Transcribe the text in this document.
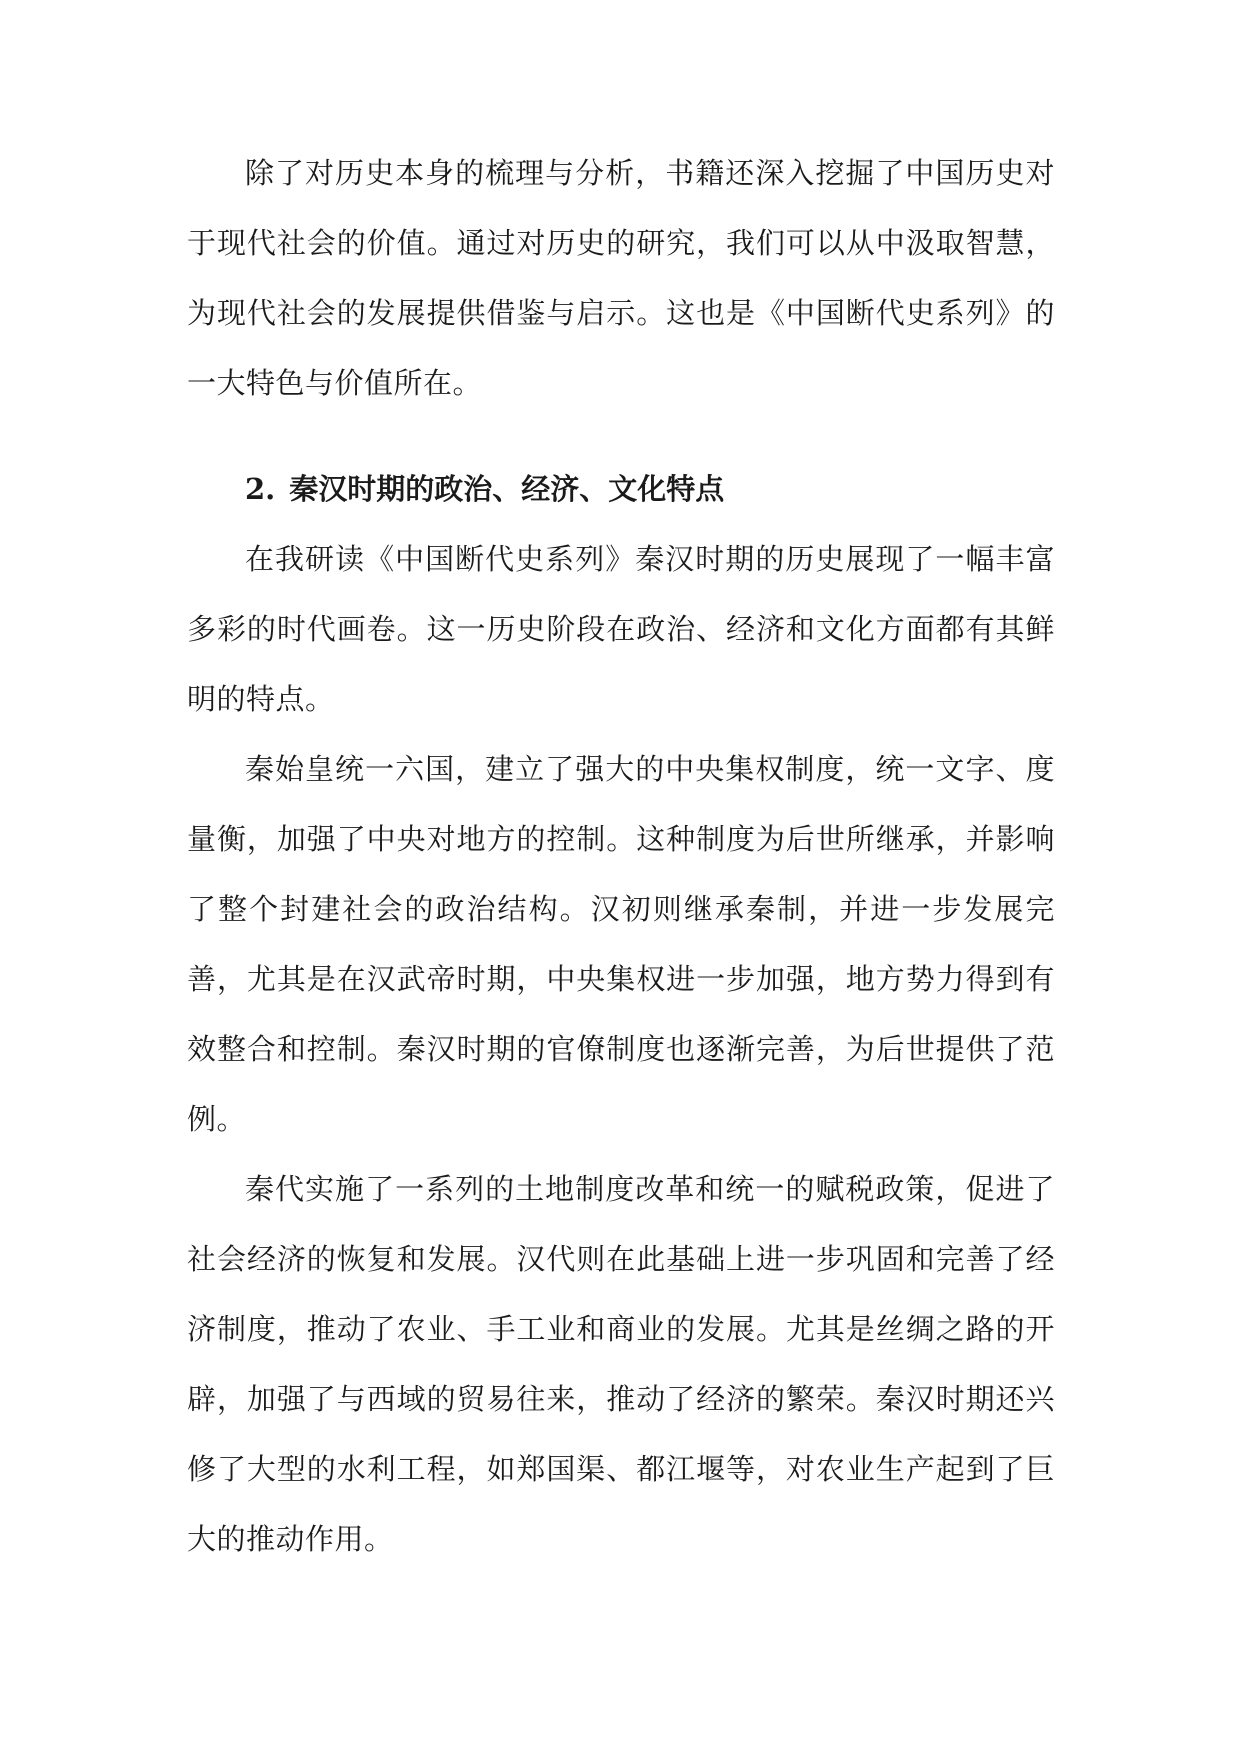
除了对历史本身的梳理与分析，书籍还深入挖掘了中国历史对于现代社会的价值。通过对历史的研究，我们可以从中汲取智慧，为现代社会的发展提供借鉴与启示。这也是《中国断代史系列》的一大特色与价值所在。

2. 秦汉时期的政治、经济、文化特点

在我研读《中国断代史系列》秦汉时期的历史展现了一幅丰富多彩的时代画卷。这一历史阶段在政治、经济和文化方面都有其鲜明的特点。

秦始皇统一六国，建立了强大的中央集权制度，统一文字、度量衡，加强了中央对地方的控制。这种制度为后世所继承，并影响了整个封建社会的政治结构。汉初则继承秦制，并进一步发展完善，尤其是在汉武帝时期，中央集权进一步加强，地方势力得到有效整合和控制。秦汉时期的官僚制度也逐渐完善，为后世提供了范例。

秦代实施了一系列的土地制度改革和统一的赋税政策，促进了社会经济的恢复和发展。汉代则在此基础上进一步巩固和完善了经济制度，推动了农业、手工业和商业的发展。尤其是丝绸之路的开辟，加强了与西域的贸易往来，推动了经济的繁荣。秦汉时期还兴修了大型的水利工程，如郑国渠、都江堰等，对农业生产起到了巨大的推动作用。
